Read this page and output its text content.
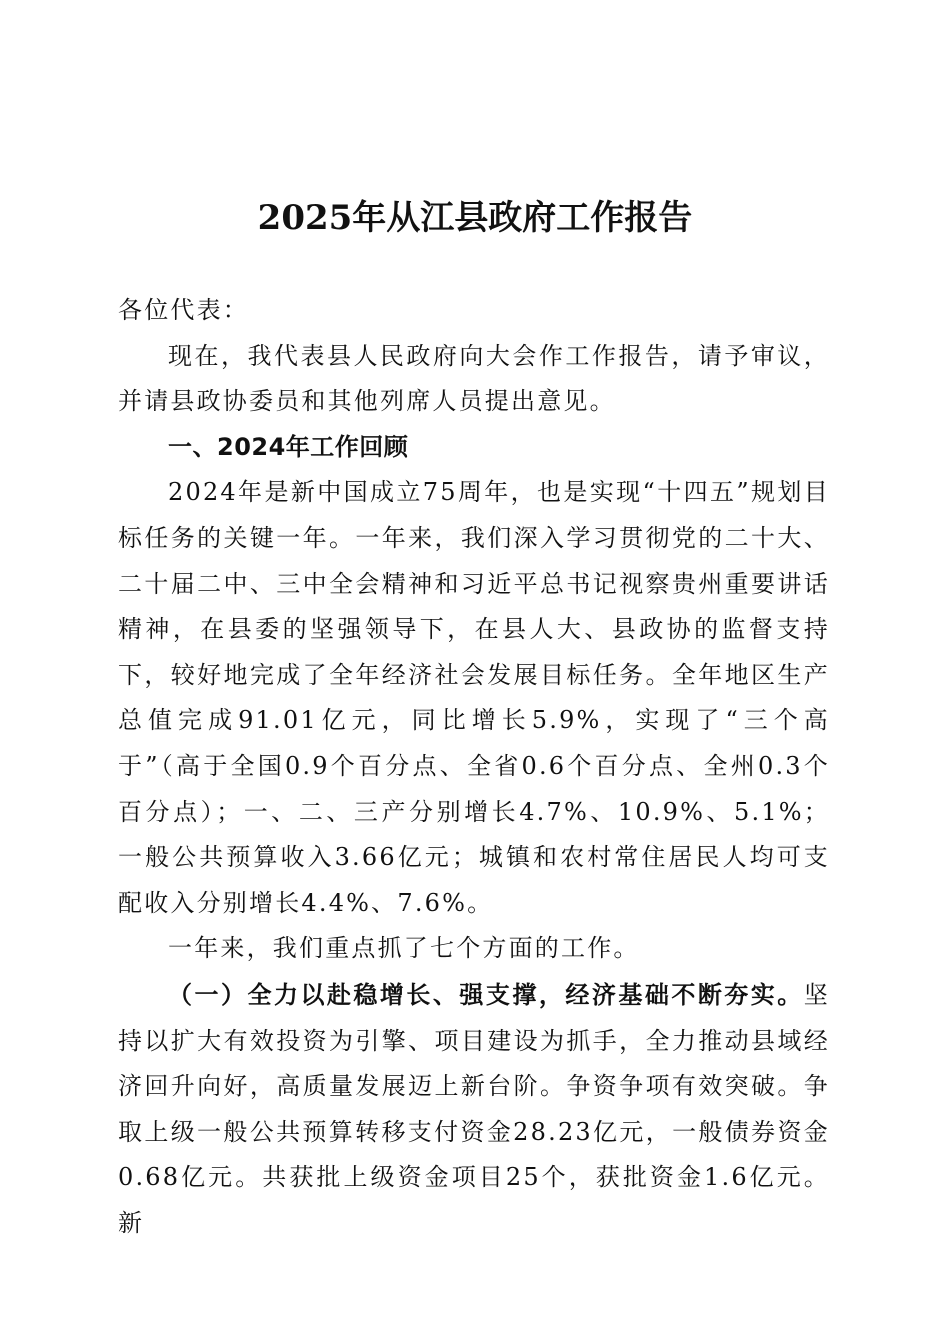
2025年从江县政府工作报告

各位代表：

现在，我代表县人民政府向大会作工作报告，请予审议，并请县政协委员和其他列席人员提出意见。

一、2024年工作回顾

2024年是新中国成立75周年，也是实现“十四五”规划目标任务的关键一年。一年来，我们深入学习贯彻党的二十大、二十届二中、三中全会精神和习近平总书记视察贵州重要讲话精神，在县委的坚强领导下，在县人大、县政协的监督支持下，较好地完成了全年经济社会发展目标任务。全年地区生产总值完成91.01亿元，同比增长5.9%，实现了“三个高于”（高于全国0.9个百分点、全省0.6个百分点、全州0.3个百分点）；一、二、三产分别增长4.7%、10.9%、5.1%；一般公共预算收入3.66亿元；城镇和农村常住居民人均可支配收入分别增长4.4%、7.6%。

一年来，我们重点抓了七个方面的工作。

（一）全力以赴稳增长、强支撑，经济基础不断夯实。坚持以扩大有效投资为引擎、项目建设为抓手，全力推动县域经济回升向好，高质量发展迈上新台阶。争资争项有效突破。争取上级一般公共预算转移支付资金28.23亿元，一般债券资金0.68亿元。共获批上级资金项目25个，获批资金1.6亿元。新
